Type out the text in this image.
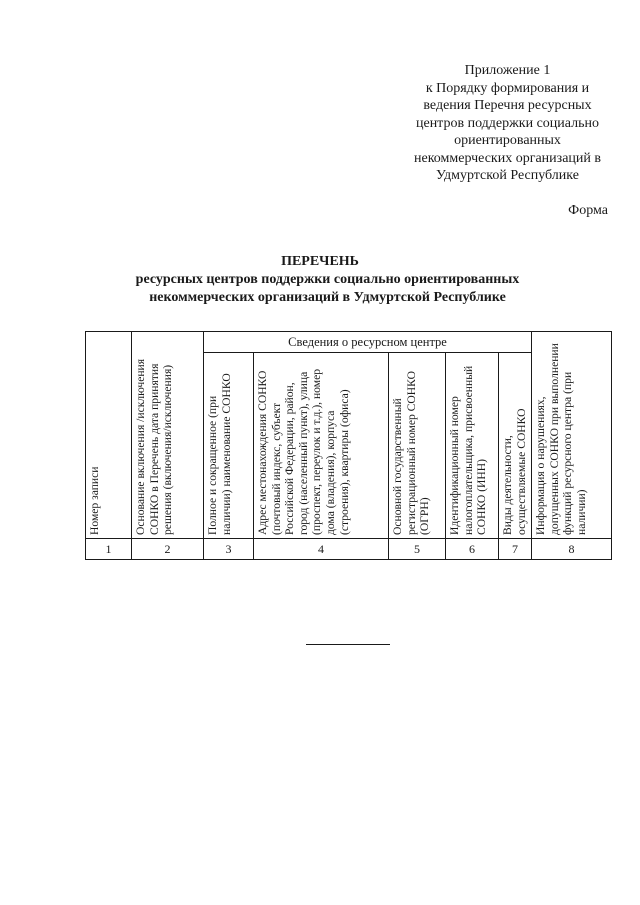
Приложение 1
к Порядку формирования и
ведения Перечня ресурсных
центров поддержки социально
ориентированных
некоммерческих организаций в
Удмуртской Республике
Форма
ПЕРЕЧЕНЬ
ресурсных центров поддержки социально ориентированных
некоммерческих организаций в Удмуртской Республике
Номер записи	Основание включения /исключения СОНКО в Перечень дата принятия решения (включения/исключения)	Сведения о ресурсном центре					Информация о нарушениях, допущенных СОНКО при выполнении функций ресурсного центра (при наличии)

		Полное и сокращенное (при наличии) наименование СОНКО	Адрес местонахождения СОНКО (почтовый индекс, субъект Российской Федерации, район, город (населенный пункт), улица (проспект, переулок и т.д.), номер дома (владения), корпуса (строения), квартиры (офиса)	Основной государственный регистрационный номер СОНКО (ОГРН)	Идентификационный номер налогоплательщика, присвоенный СОНКО (ИНН)	Виды деятельности, осуществляемые СОНКО	

1	2	3	4	5	6	7	8
